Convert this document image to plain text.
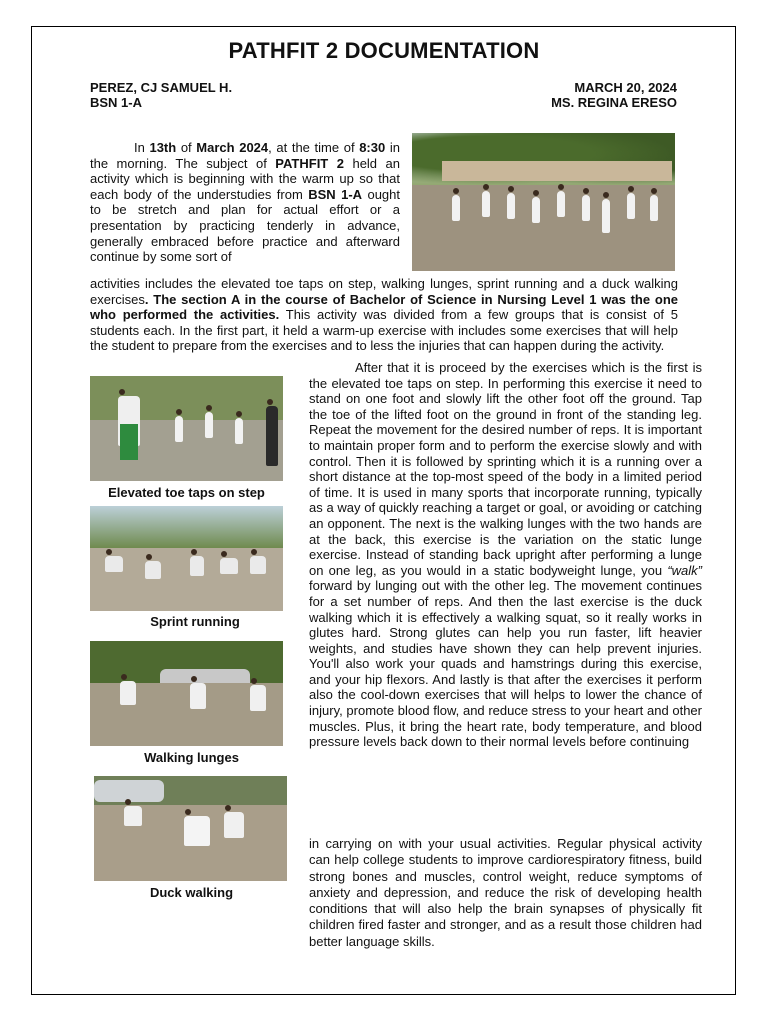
PATHFIT 2 DOCUMENTATION
PEREZ, CJ SAMUEL H.
BSN 1-A
MARCH 20, 2024
MS. REGINA ERESO
In 13th of March 2024, at the time of 8:30 in the morning. The subject of PATHFIT 2 held an activity which is beginning with the warm up so that each body of the understudies from BSN 1-A ought to be stretch and plan for actual effort or a presentation by practicing tenderly in advance, generally embraced before practice and afterward continue by some sort of
activities includes the elevated toe taps on step, walking lunges, sprint running and a duck walking exercises. The section A in the course of Bachelor of Science in Nursing Level 1 was the one who performed the activities. This activity was divided from a few groups that is consist of 5 students each. In the first part, it held a warm-up exercise with includes some exercises that will help the student to prepare from the exercises and to less the injuries that can happen during the activity.
Elevated toe taps on step
Sprint running
Walking lunges
Duck walking
After that it is proceed by the exercises which is the first is the elevated toe taps on step. In performing this exercise it need to stand on one foot and slowly lift the other foot off the ground. Tap the toe of the lifted foot on the ground in front of the standing leg. Repeat the movement for the desired number of reps. It is important to maintain proper form and to perform the exercise slowly and with control. Then it is followed by sprinting which it is a running over a short distance at the top-most speed of the body in a limited period of time. It is used in many sports that incorporate running, typically as a way of quickly reaching a target or goal, or avoiding or catching an opponent. The next is the walking lunges with the two hands are at the back, this exercise is the variation on the static lunge exercise. Instead of standing back upright after performing a lunge on one leg, as you would in a static bodyweight lunge, you “walk” forward by lunging out with the other leg. The movement continues for a set number of reps. And then the last exercise is the duck walking which it is effectively a walking squat, so it really works in glutes hard. Strong glutes can help you run faster, lift heavier weights, and studies have shown they can help prevent injuries. You'll also work your quads and hamstrings during this exercise, and your hip flexors. And lastly is that after the exercises it perform also the cool-down exercises that will helps to lower the chance of injury, promote blood flow, and reduce stress to your heart and other muscles. Plus, it bring the heart rate, body temperature, and blood pressure levels back down to their normal levels before continuing
in carrying on with your usual activities. Regular physical activity can help college students to improve cardiorespiratory fitness, build strong bones and muscles, control weight, reduce symptoms of anxiety and depression, and reduce the risk of developing health conditions that will also help the brain synapses of physically fit children fired faster and stronger, and as a result those children had better language skills.
